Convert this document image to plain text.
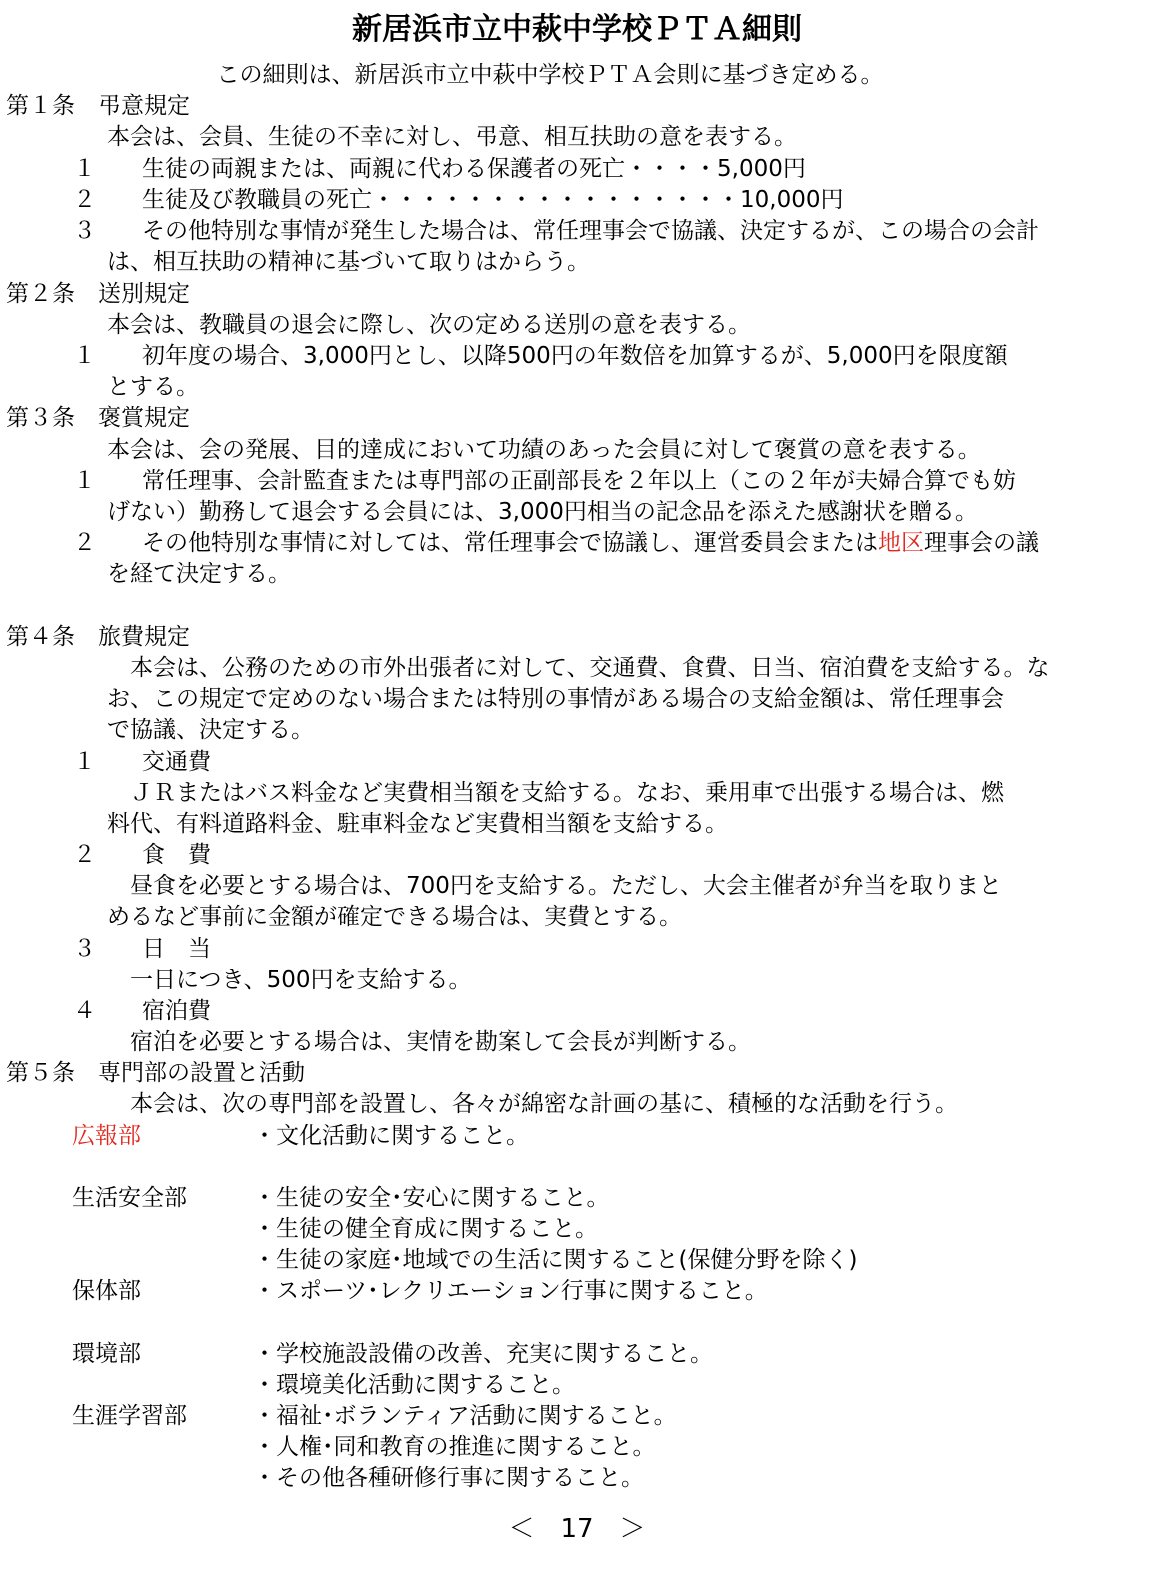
新居浜市立中萩中学校ＰＴＡ細則
この細則は、新居浜市立中萩中学校ＰＴＡ会則に基づき定める。
第１条　弔意規定
本会は、会員、生徒の不幸に対し、弔意、相互扶助の意を表する。
１　　生徒の両親または、両親に代わる保護者の死亡・・・・5,000円
２　　生徒及び教職員の死亡・・・・・・・・・・・・・・・・10,000円
３　　その他特別な事情が発生した場合は、常任理事会で協議、決定するが、この場合の会計
は、相互扶助の精神に基づいて取りはからう。
第２条　送別規定
本会は、教職員の退会に際し、次の定める送別の意を表する。
１　　初年度の場合、3,000円とし、以降500円の年数倍を加算するが、5,000円を限度額
とする。
第３条　褒賞規定
本会は、会の発展、目的達成において功績のあった会員に対して褒賞の意を表する。
１　　常任理事、会計監査または専門部の正副部長を２年以上（この２年が夫婦合算でも妨
げない）勤務して退会する会員には、3,000円相当の記念品を添えた感謝状を贈る。
２　　その他特別な事情に対しては、常任理事会で協議し、運営委員会または地区理事会の議
を経て決定する。
第４条　旅費規定
本会は、公務のための市外出張者に対して、交通費、食費、日当、宿泊費を支給する。な
お、この規定で定めのない場合または特別の事情がある場合の支給金額は、常任理事会
で協議、決定する。
１　　交通費
ＪＲまたはバス料金など実費相当額を支給する。なお、乗用車で出張する場合は、燃
料代、有料道路料金、駐車料金など実費相当額を支給する。
２　　食　費
昼食を必要とする場合は、700円を支給する。ただし、大会主催者が弁当を取りまと
めるなど事前に金額が確定できる場合は、実費とする。
３　　日　当
一日につき、500円を支給する。
４　　宿泊費
宿泊を必要とする場合は、実情を勘案して会長が判断する。
第５条　専門部の設置と活動
本会は、次の専門部を設置し、各々が綿密な計画の基に、積極的な活動を行う。
広報部	・文化活動に関すること。
生活安全部	・生徒の安全･安心に関すること。
・生徒の健全育成に関すること。
・生徒の家庭･地域での生活に関すること(保健分野を除く)
保体部	・スポーツ･レクリエーション行事に関すること。
環境部	・学校施設設備の改善、充実に関すること。
・環境美化活動に関すること。
生涯学習部	・福祉･ボランティア活動に関すること。
・人権･同和教育の推進に関すること。
・その他各種研修行事に関すること。
＜　17　＞
